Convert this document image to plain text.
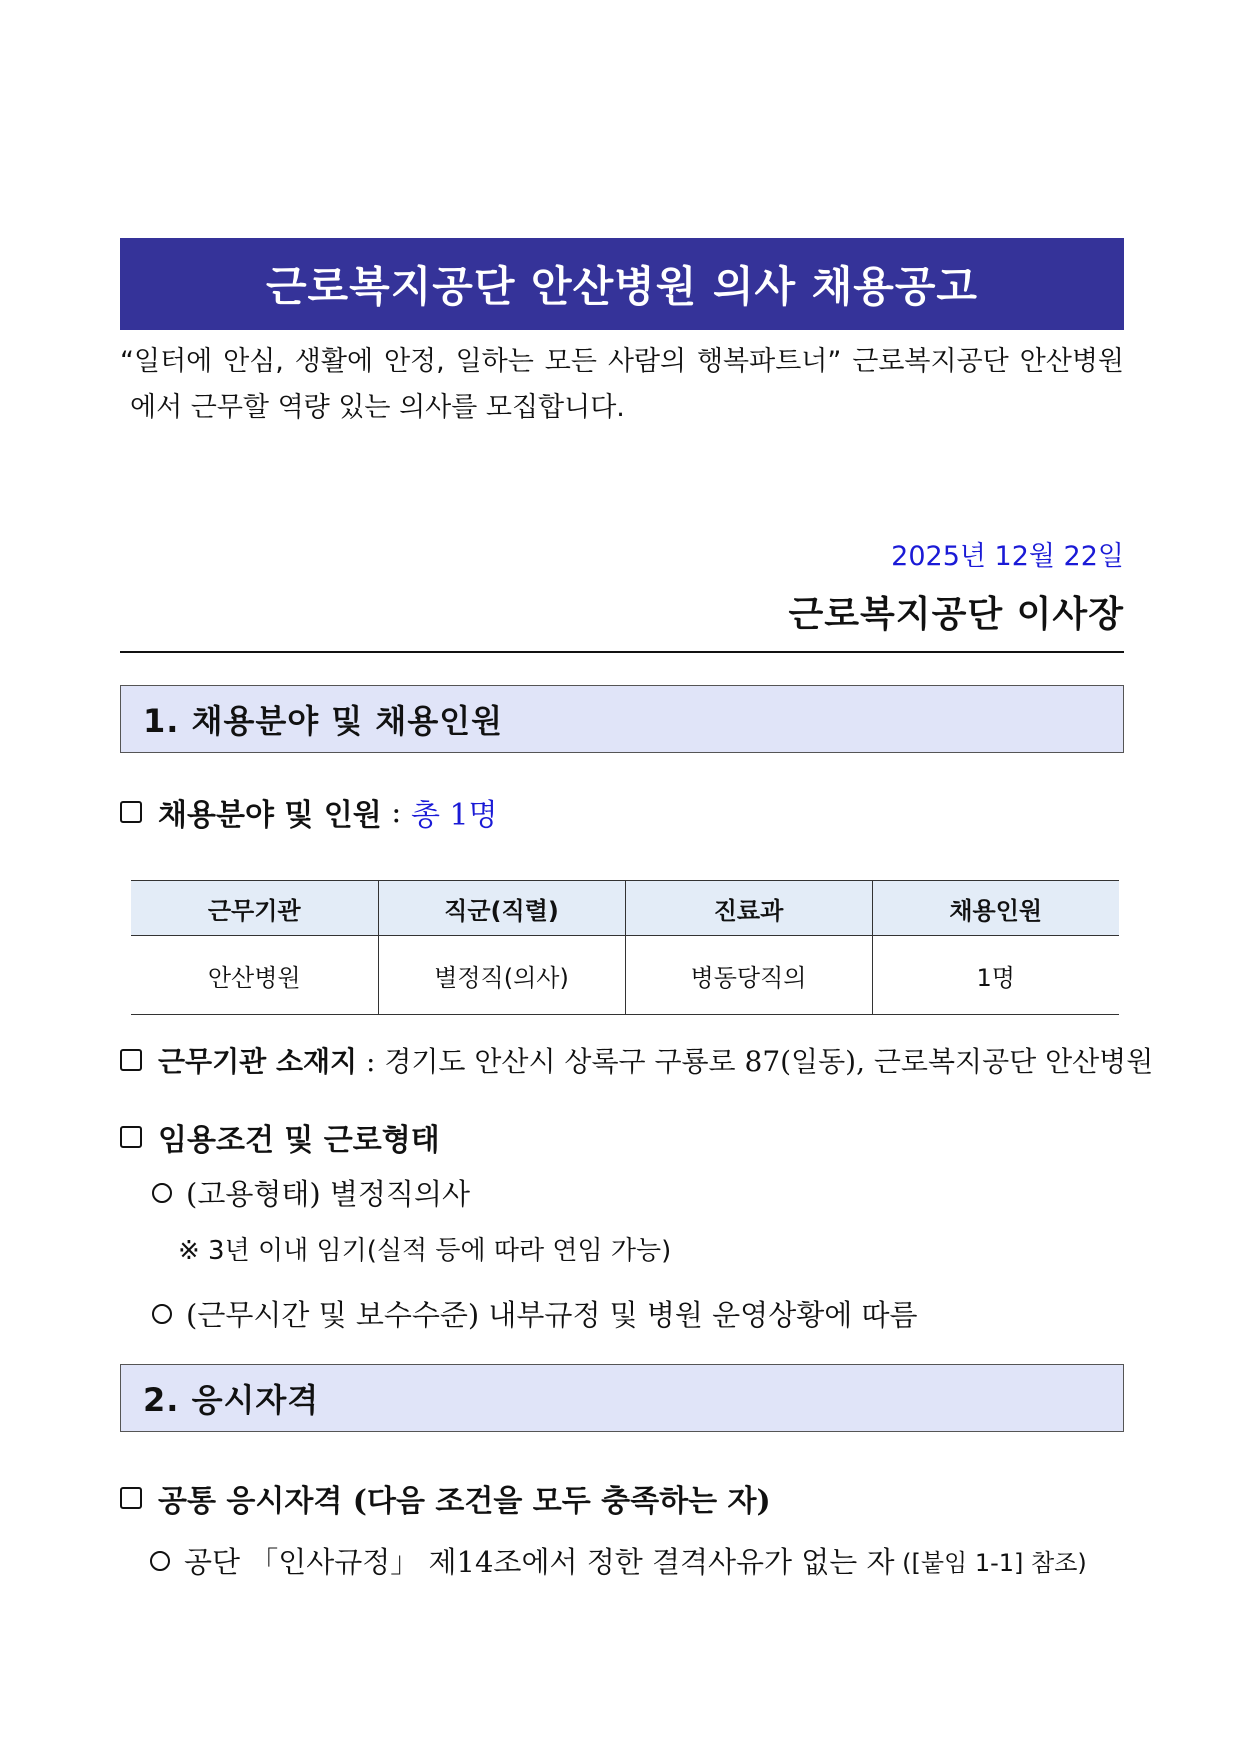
근로복지공단 안산병원 의사 채용공고
“일터에 안심, 생활에 안정, 일하는 모든 사람의 행복파트너” 근로복지공단 안산병원
에서 근무할 역량 있는 의사를 모집합니다.
2025년 12월 22일
근로복지공단 이사장
1. 채용분야 및 채용인원
채용분야 및 인원 : 총 1명
근무기관	직군(직렬)	진료과	채용인원
안산병원	별정직(의사)	병동당직의	1명
근무기관 소재지 : 경기도 안산시 상록구 구룡로 87(일동), 근로복지공단 안산병원
임용조건 및 근로형태
(고용형태) 별정직의사
※ 3년 이내 임기(실적 등에 따라 연임 가능)
(근무시간 및 보수수준) 내부규정 및 병원 운영상황에 따름
2. 응시자격
공통 응시자격 (다음 조건을 모두 충족하는 자)
공단 「인사규정」 제14조에서 정한 결격사유가 없는 자 ([붙임 1-1] 참조)
